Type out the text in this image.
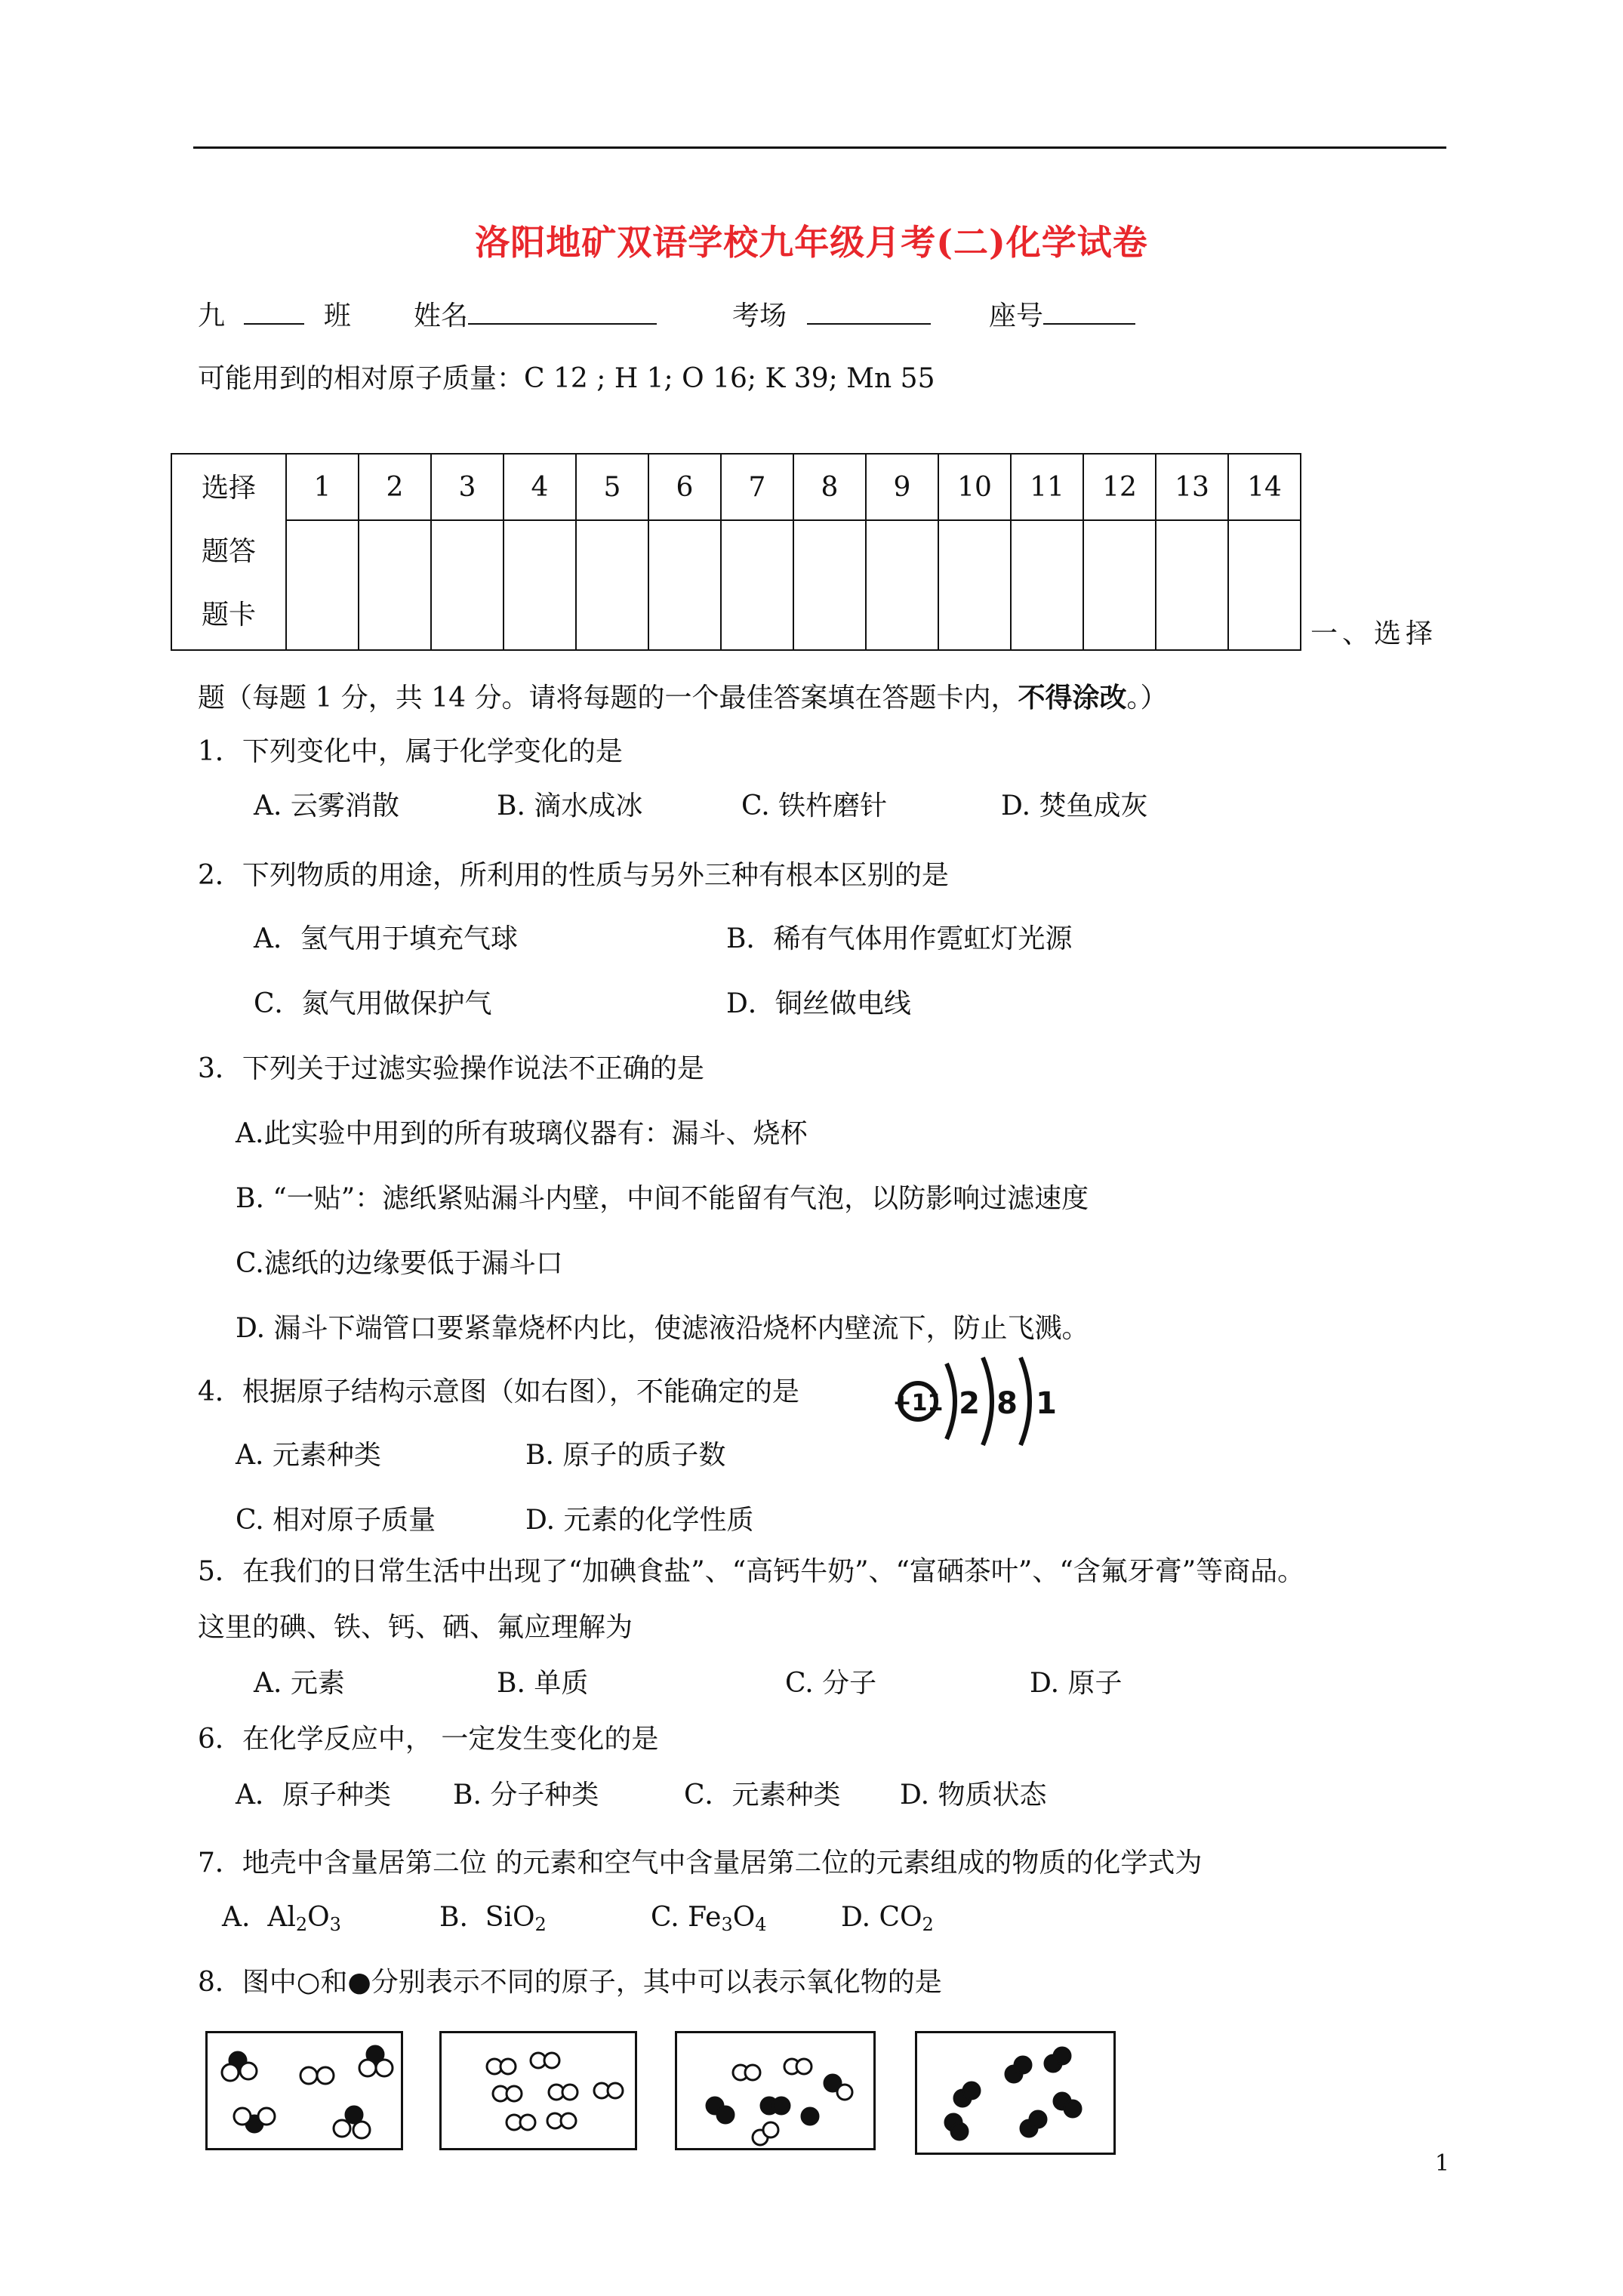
洛阳地矿双语学校九年级月考(二)化学试卷
九	班 姓名	考场	座号
可能用到的相对原子质量：C 12 ; H 1; O 16; K 39; Mn 55
选择
题答
题卡	1	2	3	4	5	6	7	8	9	10	11	12	13	14

一、选择
题（每题 1 分，共 14 分。请将每题的一个最佳答案填在答题卡内，不得涂改。）
1．下列变化中，属于化学变化的是
A. 云雾消散	B. 滴水成冰	C. 铁杵磨针	D. 焚鱼成灰
2．下列物质的用途，所利用的性质与另外三种有根本区别的是
A．氢气用于填充气球	B．稀有气体用作霓虹灯光源
C．氮气用做保护气	D．铜丝做电线
3．下列关于过滤实验操作说法不正确的是
A.此实验中用到的所有玻璃仪器有：漏斗、烧杯
B. “一贴”：滤纸紧贴漏斗内壁，中间不能留有气泡，以防影响过滤速度
C.滤纸的边缘要低于漏斗口
D. 漏斗下端管口要紧靠烧杯内比，使滤液沿烧杯内壁流下，防止飞溅。
4．根据原子结构示意图（如右图），不能确定的是	+11 2 8 1
A. 元素种类	B. 原子的质子数
C. 相对原子质量	D. 元素的化学性质
5．在我们的日常生活中出现了“加碘食盐”、“高钙牛奶”、“富硒茶叶”、“含氟牙膏”等商品。
这里的碘、铁、钙、硒、氟应理解为
A. 元素	B. 单质	C. 分子	D. 原子
6．在化学反应中， 一定发生变化的是
A．原子种类 B. 分子种类	C．元素种类 D. 物质状态
7．地壳中含量居第二位 的元素和空气中含量居第二位的元素组成的物质的化学式为
A. $Al_2O_3$	B. SiO$_2$	C. $Fe_3O_4$	D. $CO_2$
8．图中○和●分别表示不同的原子，其中可以表示氧化物的是
1
